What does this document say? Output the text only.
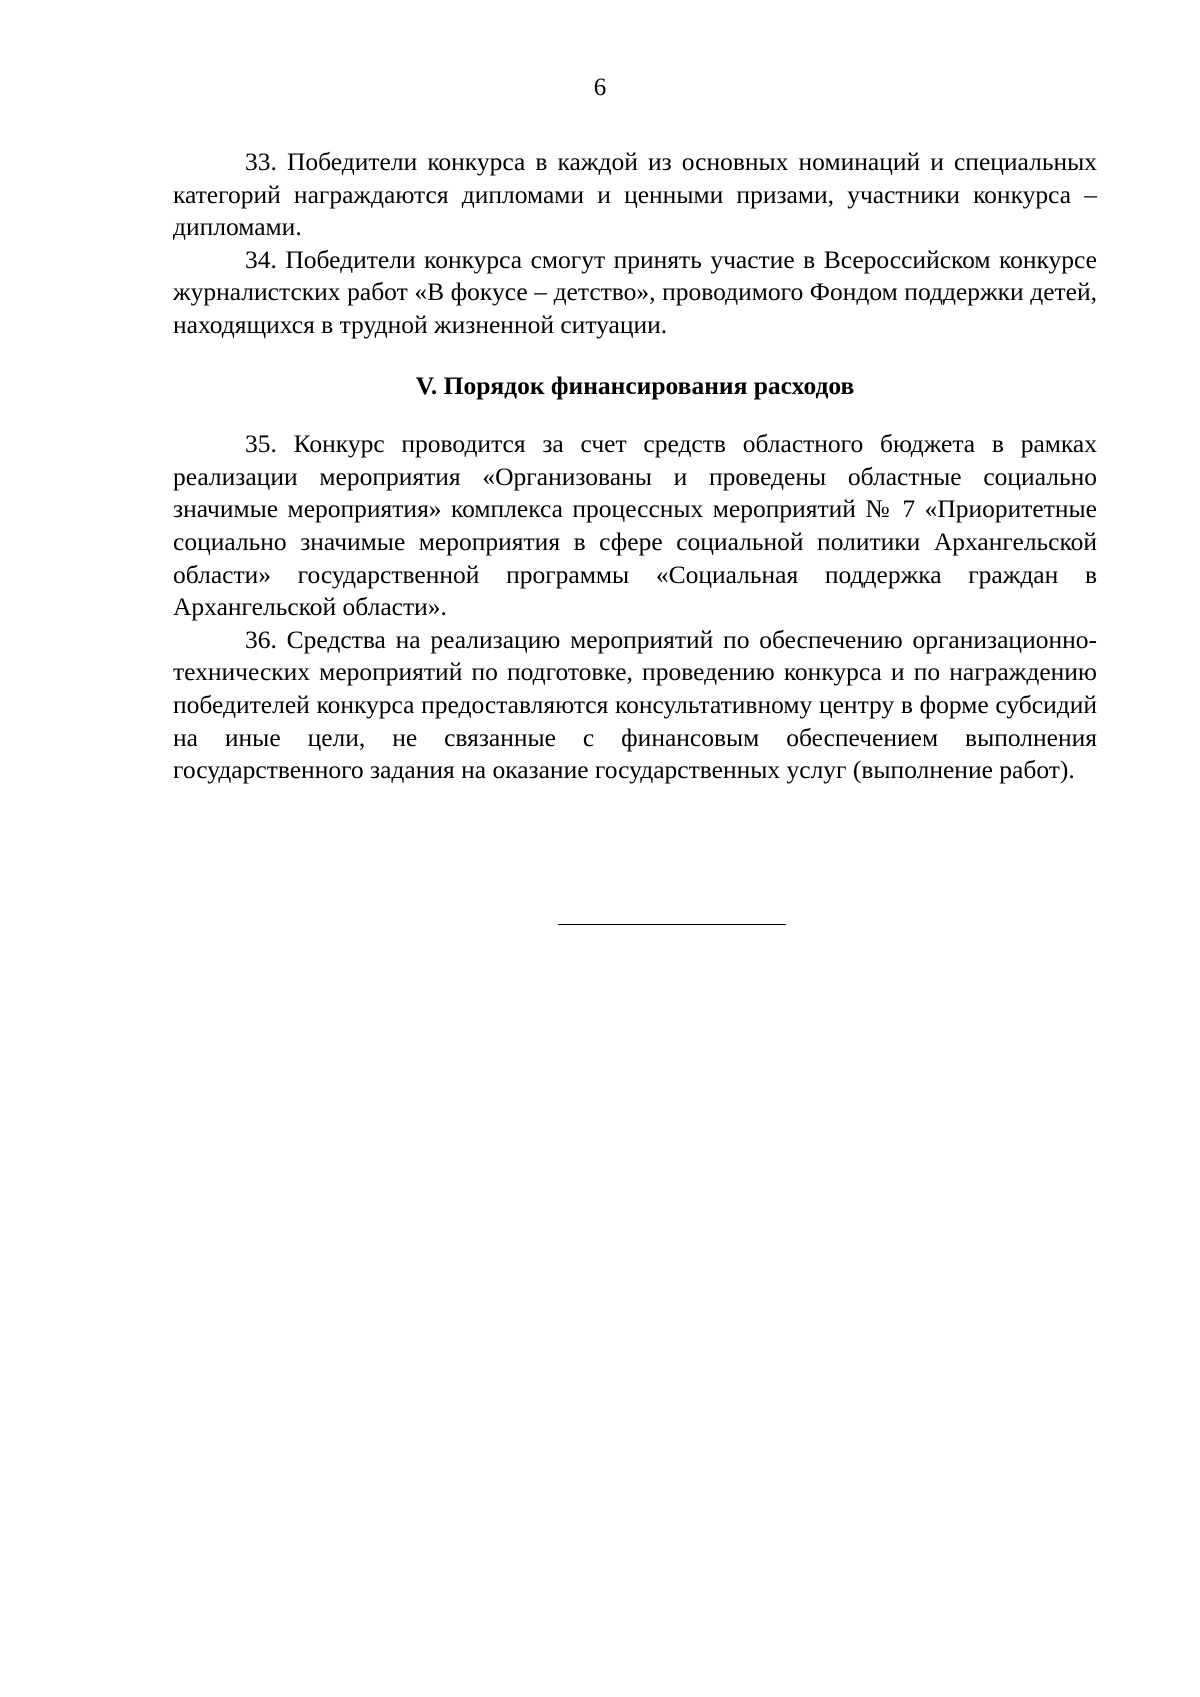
6

33. Победители конкурса в каждой из основных номинаций и специальных категорий награждаются дипломами и ценными призами, участники конкурса – дипломами.

34. Победители конкурса смогут принять участие в Всероссийском конкурсе журналистских работ «В фокусе – детство», проводимого Фондом поддержки детей, находящихся в трудной жизненной ситуации.

V. Порядок финансирования расходов

35. Конкурс проводится за счет средств областного бюджета в рамках реализации мероприятия «Организованы и проведены областные социально значимые мероприятия» комплекса процессных мероприятий № 7 «Приоритетные социально значимые мероприятия в сфере социальной политики Архангельской области» государственной программы «Социальная поддержка граждан в Архангельской области».

36. Средства на реализацию мероприятий по обеспечению организационно-технических мероприятий по подготовке, проведению конкурса и по награждению победителей конкурса предоставляются консультативному центру в форме субсидий на иные цели, не связанные с финансовым обеспечением выполнения государственного задания на оказание государственных услуг (выполнение работ).
